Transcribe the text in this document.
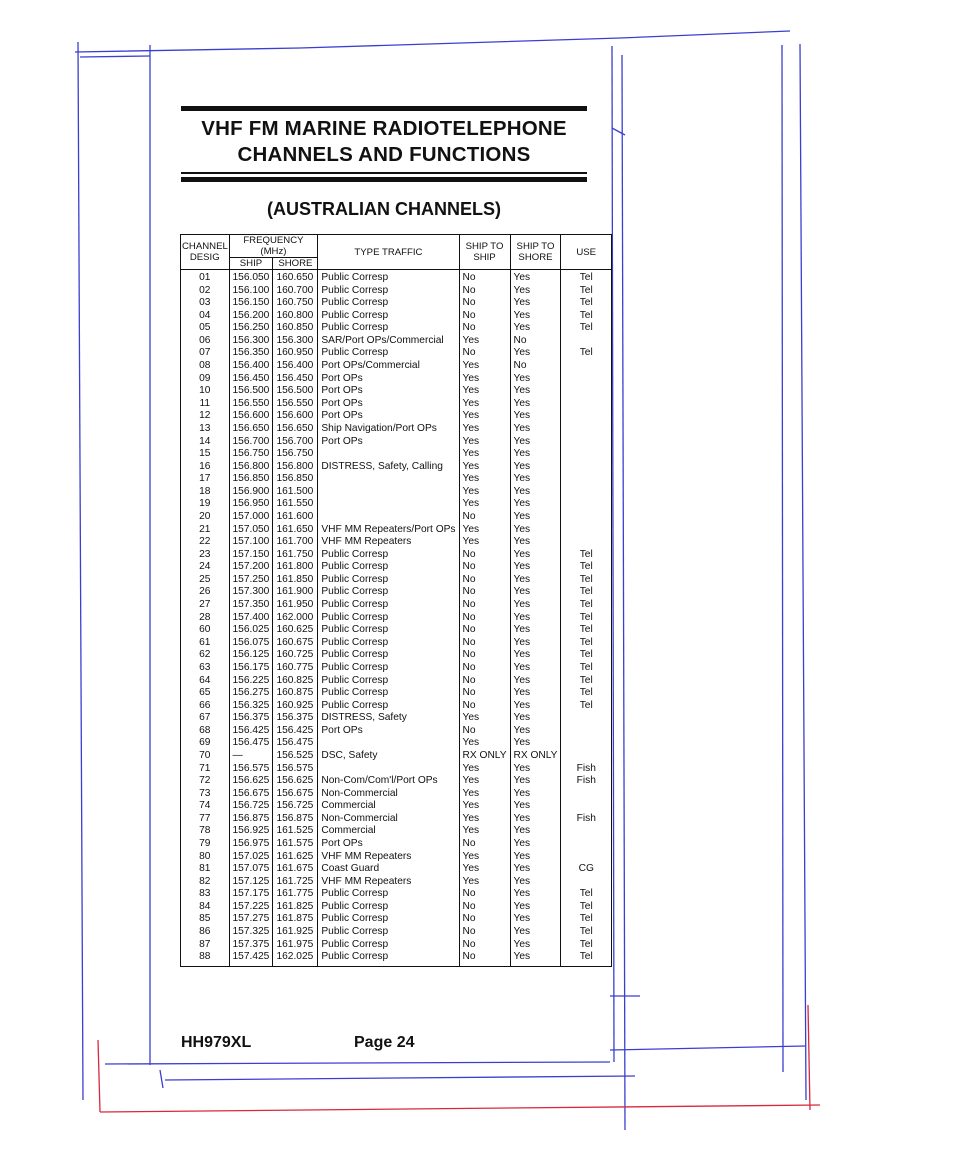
VHF FM MARINE RADIOTELEPHONE
CHANNELS AND FUNCTIONS
(AUSTRALIAN CHANNELS)
CHANNEL DESIG	FREQUENCY (MHz)		TYPE TRAFFIC	SHIP TO SHIP	SHIP TO SHORE	USE
	SHIP	SHORE				
01	156.050	160.650	Public Corresp	No	Yes	Tel
02	156.100	160.700	Public Corresp	No	Yes	Tel
03	156.150	160.750	Public Corresp	No	Yes	Tel
04	156.200	160.800	Public Corresp	No	Yes	Tel
05	156.250	160.850	Public Corresp	No	Yes	Tel
06	156.300	156.300	SAR/Port OPs/Commercial	Yes	No	
07	156.350	160.950	Public Corresp	No	Yes	Tel
08	156.400	156.400	Port OPs/Commercial	Yes	No	
09	156.450	156.450	Port OPs	Yes	Yes	
10	156.500	156.500	Port OPs	Yes	Yes	
11	156.550	156.550	Port OPs	Yes	Yes	
12	156.600	156.600	Port OPs	Yes	Yes	
13	156.650	156.650	Ship Navigation/Port OPs	Yes	Yes	
14	156.700	156.700	Port OPs	Yes	Yes	
15	156.750	156.750		Yes	Yes	
16	156.800	156.800	DISTRESS, Safety, Calling	Yes	Yes	
17	156.850	156.850		Yes	Yes	
18	156.900	161.500		Yes	Yes	
19	156.950	161.550		Yes	Yes	
20	157.000	161.600		No	Yes	
21	157.050	161.650	VHF MM Repeaters/Port OPs	Yes	Yes	
22	157.100	161.700	VHF MM Repeaters	Yes	Yes	
23	157.150	161.750	Public Corresp	No	Yes	Tel
24	157.200	161.800	Public Corresp	No	Yes	Tel
25	157.250	161.850	Public Corresp	No	Yes	Tel
26	157.300	161.900	Public Corresp	No	Yes	Tel
27	157.350	161.950	Public Corresp	No	Yes	Tel
28	157.400	162.000	Public Corresp	No	Yes	Tel
60	156.025	160.625	Public Corresp	No	Yes	Tel
61	156.075	160.675	Public Corresp	No	Yes	Tel
62	156.125	160.725	Public Corresp	No	Yes	Tel
63	156.175	160.775	Public Corresp	No	Yes	Tel
64	156.225	160.825	Public Corresp	No	Yes	Tel
65	156.275	160.875	Public Corresp	No	Yes	Tel
66	156.325	160.925	Public Corresp	No	Yes	Tel
67	156.375	156.375	DISTRESS, Safety	Yes	Yes	
68	156.425	156.425	Port OPs	No	Yes	
69	156.475	156.475		Yes	Yes	
70	—	156.525	DSC, Safety	RX ONLY	RX ONLY	
71	156.575	156.575		Yes	Yes	Fish
72	156.625	156.625	Non-Com/Com'l/Port OPs	Yes	Yes	Fish
73	156.675	156.675	Non-Commercial	Yes	Yes	
74	156.725	156.725	Commercial	Yes	Yes	
77	156.875	156.875	Non-Commercial	Yes	Yes	Fish
78	156.925	161.525	Commercial	Yes	Yes	
79	156.975	161.575	Port OPs	No	Yes	
80	157.025	161.625	VHF MM Repeaters	Yes	Yes	
81	157.075	161.675	Coast Guard	Yes	Yes	CG
82	157.125	161.725	VHF MM Repeaters	Yes	Yes	
83	157.175	161.775	Public Corresp	No	Yes	Tel
84	157.225	161.825	Public Corresp	No	Yes	Tel
85	157.275	161.875	Public Corresp	No	Yes	Tel
86	157.325	161.925	Public Corresp	No	Yes	Tel
87	157.375	161.975	Public Corresp	No	Yes	Tel
88	157.425	162.025	Public Corresp	No	Yes	Tel
HH979XL	Page 24
